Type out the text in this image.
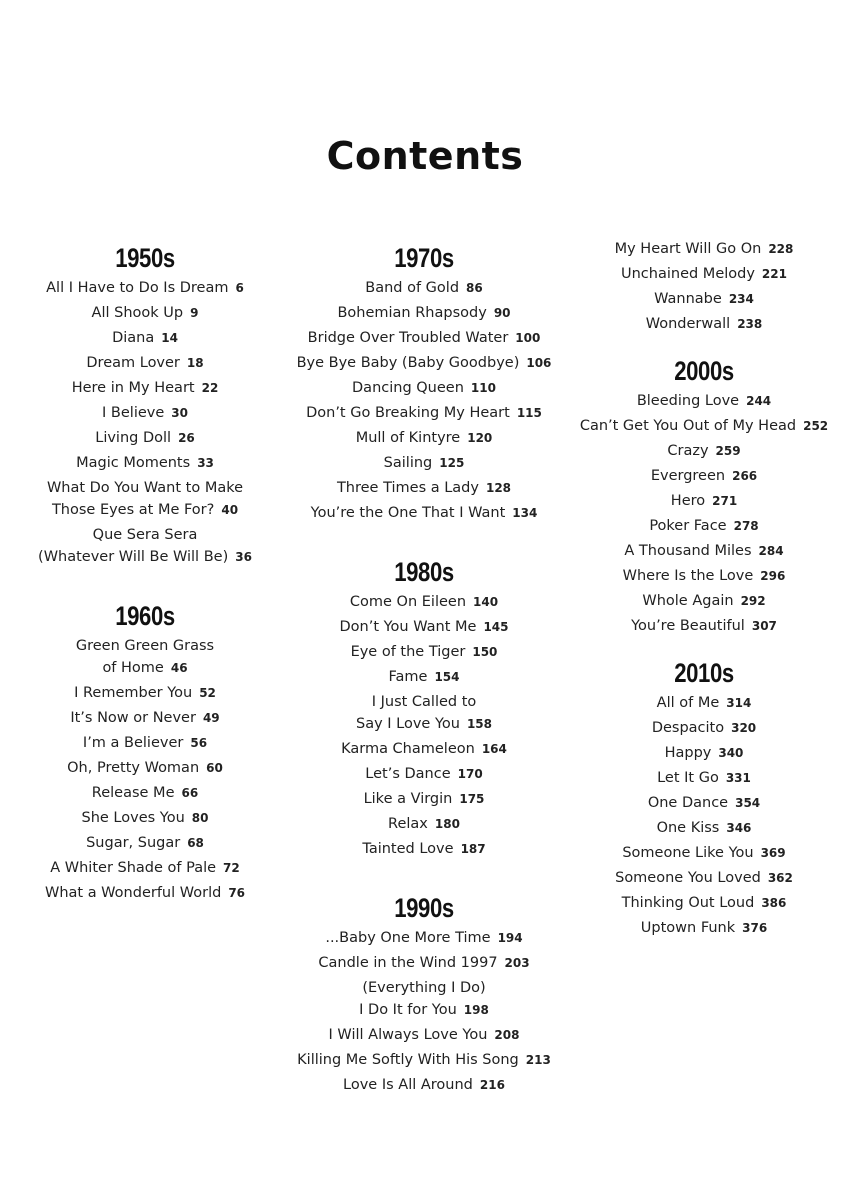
Contents
1950s
All I Have to Do Is Dream 6
All Shook Up 9
Diana 14
Dream Lover 18
Here in My Heart 22
I Believe 30
Living Doll 26
Magic Moments 33
What Do You Want to Make
Those Eyes at Me For? 40
Que Sera Sera
(Whatever Will Be Will Be) 36
1960s
Green Green Grass
of Home 46
I Remember You 52
It’s Now or Never 49
I’m a Believer 56
Oh, Pretty Woman 60
Release Me 66
She Loves You 80
Sugar, Sugar 68
A Whiter Shade of Pale 72
What a Wonderful World 76
1970s
Band of Gold 86
Bohemian Rhapsody 90
Bridge Over Troubled Water 100
Bye Bye Baby (Baby Goodbye) 106
Dancing Queen 110
Don’t Go Breaking My Heart 115
Mull of Kintyre 120
Sailing 125
Three Times a Lady 128
You’re the One That I Want 134
1980s
Come On Eileen 140
Don’t You Want Me 145
Eye of the Tiger 150
Fame 154
I Just Called to
Say I Love You 158
Karma Chameleon 164
Let’s Dance 170
Like a Virgin 175
Relax 180
Tainted Love 187
1990s
...Baby One More Time 194
Candle in the Wind 1997 203
(Everything I Do)
I Do It for You 198
I Will Always Love You 208
Killing Me Softly With His Song 213
Love Is All Around 216
My Heart Will Go On 228
Unchained Melody 221
Wannabe 234
Wonderwall 238
2000s
Bleeding Love 244
Can’t Get You Out of My Head 252
Crazy 259
Evergreen 266
Hero 271
Poker Face 278
A Thousand Miles 284
Where Is the Love 296
Whole Again 292
You’re Beautiful 307
2010s
All of Me 314
Despacito 320
Happy 340
Let It Go 331
One Dance 354
One Kiss 346
Someone Like You 369
Someone You Loved 362
Thinking Out Loud 386
Uptown Funk 376
